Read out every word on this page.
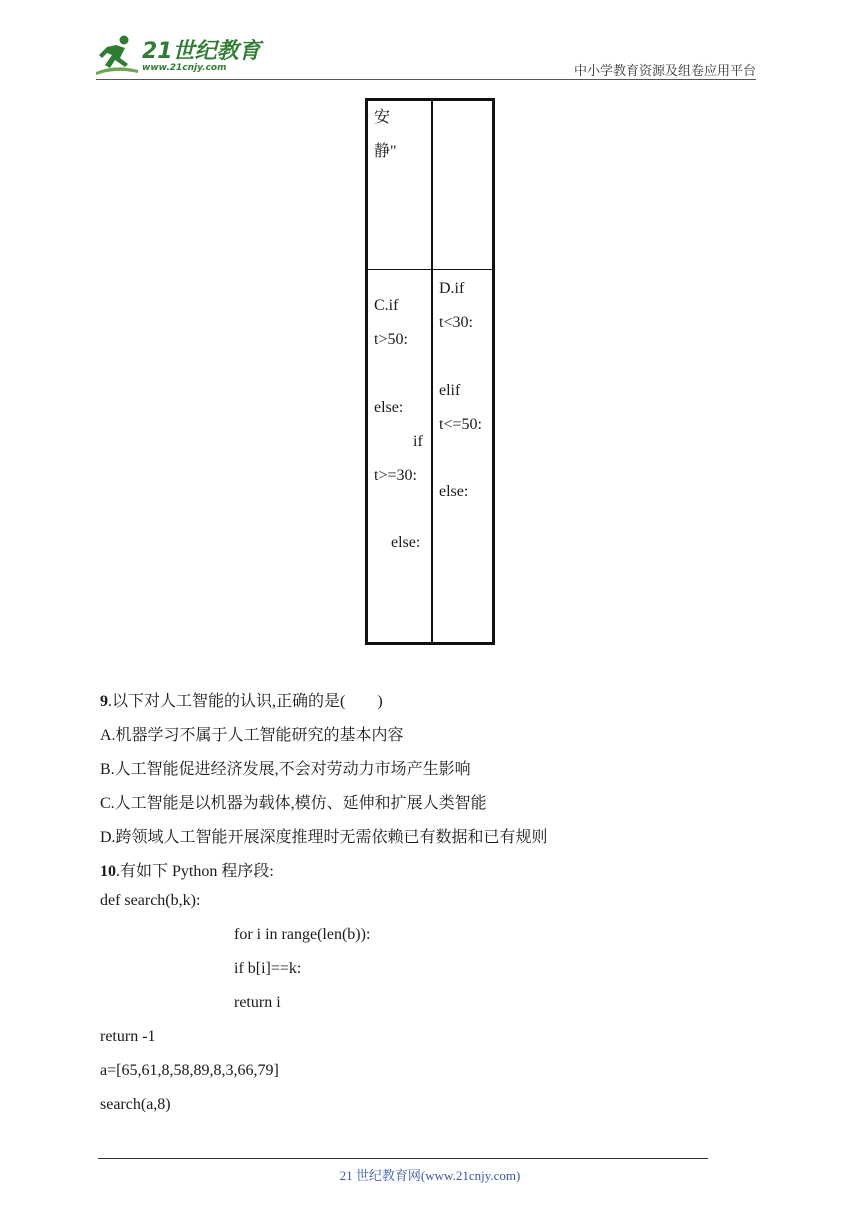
21世纪教育
www.21cnjy.com	中小学教育资源及组卷应用平台
安
静"
C.if
t>50:
else:
if
t>=30:
else:
D.if
t<30:
elif
t<=50:
else:
9.以下对人工智能的认识,正确的是(　　)
A.机器学习不属于人工智能研究的基本内容
B.人工智能促进经济发展,不会对劳动力市场产生影响
C.人工智能是以机器为载体,模仿、延伸和扩展人类智能
D.跨领域人工智能开展深度推理时无需依赖已有数据和已有规则
10.有如下 Python 程序段:
def search(b,k):
for i in range(len(b)):
if b[i]==k:
return i
return -1
a=[65,61,8,58,89,8,3,66,79]
search(a,8)
21 世纪教育网(www.21cnjy.com)
